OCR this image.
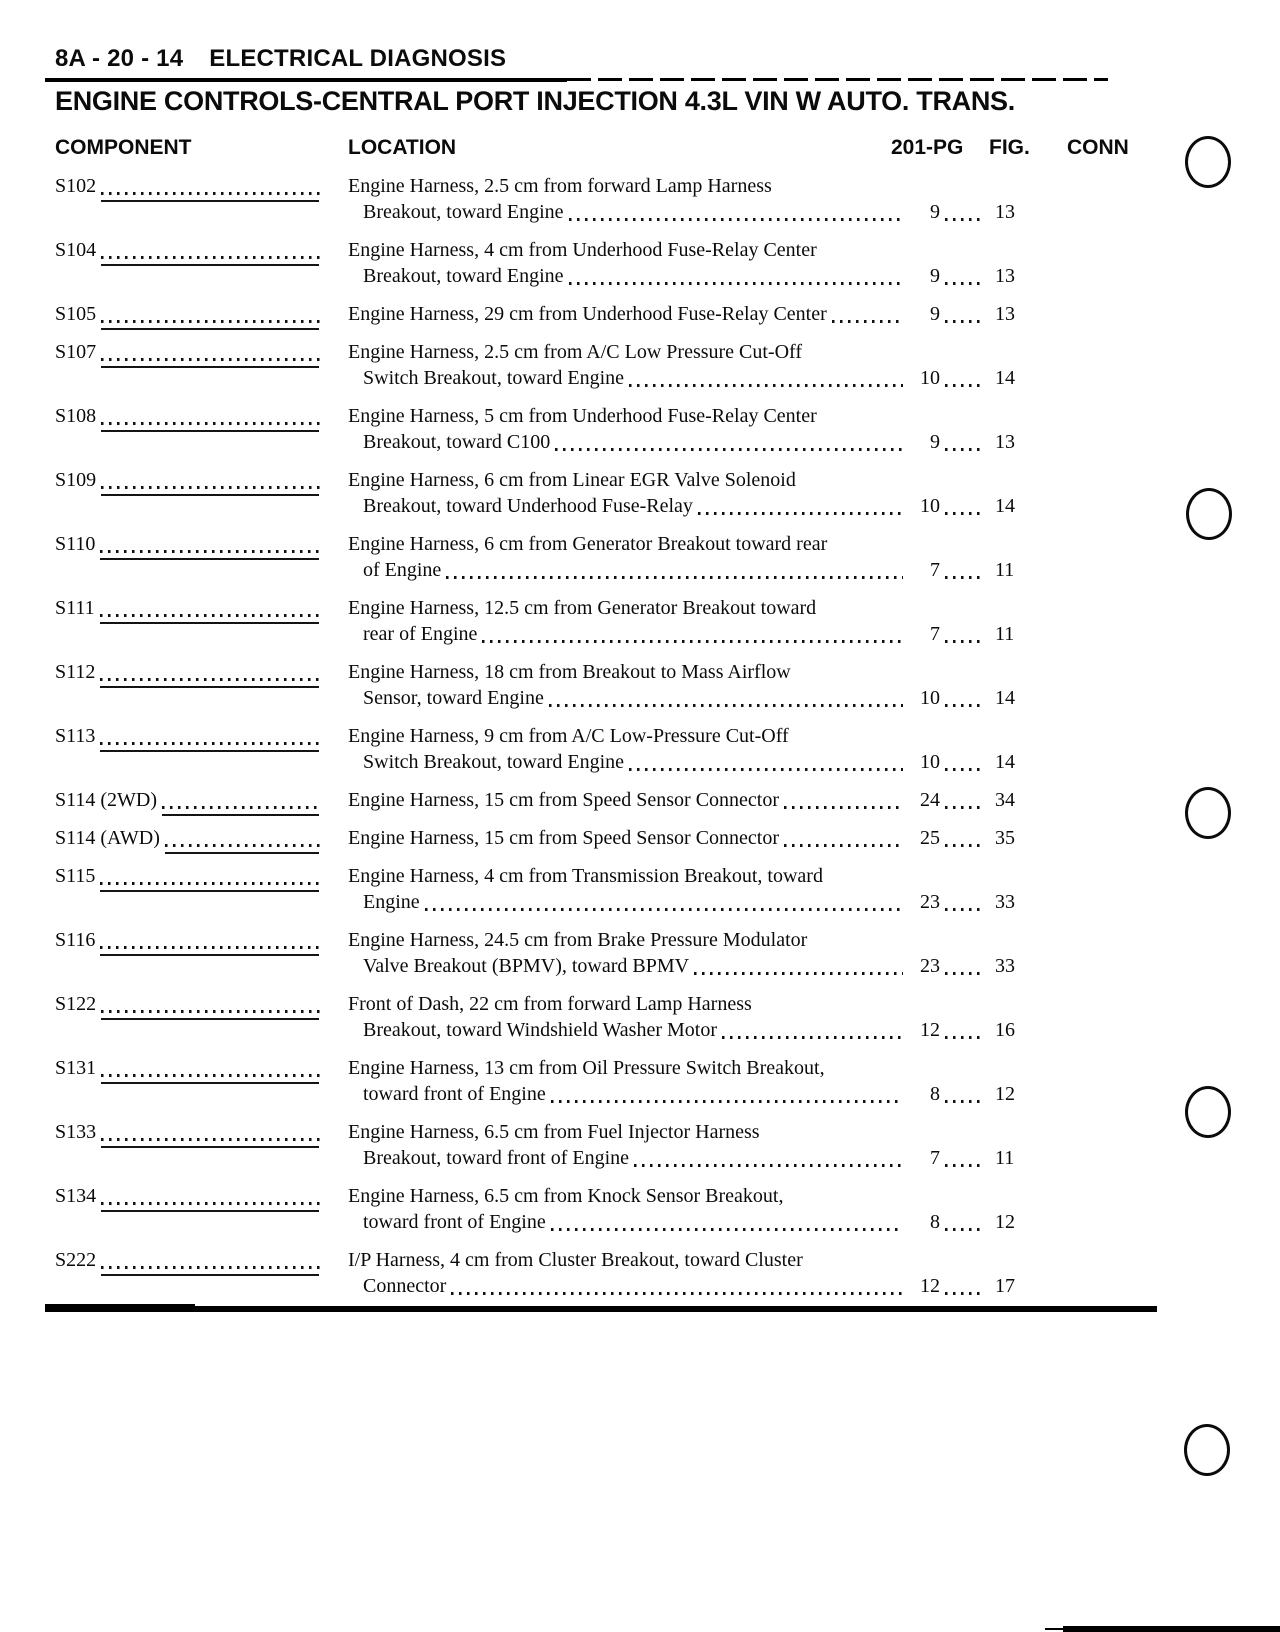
8A - 20 - 14 ELECTRICAL DIAGNOSIS
ENGINE CONTROLS-CENTRAL PORT INJECTION 4.3L VIN W AUTO. TRANS.
COMPONENT	LOCATION	201-PG FIG. CONN
S102	Engine Harness, 2.5 cm from forward Lamp Harness
Breakout, toward Engine	9	13
S104	Engine Harness, 4 cm from Underhood Fuse-Relay Center
Breakout, toward Engine	9	13
S105	Engine Harness, 29 cm from Underhood Fuse-Relay Center	9	13
S107	Engine Harness, 2.5 cm from A/C Low Pressure Cut-Off
Switch Breakout, toward Engine	10	14
S108	Engine Harness, 5 cm from Underhood Fuse-Relay Center
Breakout, toward C100	9	13
S109	Engine Harness, 6 cm from Linear EGR Valve Solenoid
Breakout, toward Underhood Fuse-Relay	10	14
S110	Engine Harness, 6 cm from Generator Breakout toward rear
of Engine	7	11
S111	Engine Harness, 12.5 cm from Generator Breakout toward
rear of Engine	7	11
S112	Engine Harness, 18 cm from Breakout to Mass Airflow
Sensor, toward Engine	10	14
S113	Engine Harness, 9 cm from A/C Low-Pressure Cut-Off
Switch Breakout, toward Engine	10	14
S114 (2WD)	Engine Harness, 15 cm from Speed Sensor Connector	24	34
S114 (AWD)	Engine Harness, 15 cm from Speed Sensor Connector	25	35
S115	Engine Harness, 4 cm from Transmission Breakout, toward
Engine	23	33
S116	Engine Harness, 24.5 cm from Brake Pressure Modulator
Valve Breakout (BPMV), toward BPMV	23	33
S122	Front of Dash, 22 cm from forward Lamp Harness
Breakout, toward Windshield Washer Motor	12	16
S131	Engine Harness, 13 cm from Oil Pressure Switch Breakout,
toward front of Engine	8	12
S133	Engine Harness, 6.5 cm from Fuel Injector Harness
Breakout, toward front of Engine	7	11
S134	Engine Harness, 6.5 cm from Knock Sensor Breakout,
toward front of Engine	8	12
S222	I/P Harness, 4 cm from Cluster Breakout, toward Cluster
Connector	12	17
